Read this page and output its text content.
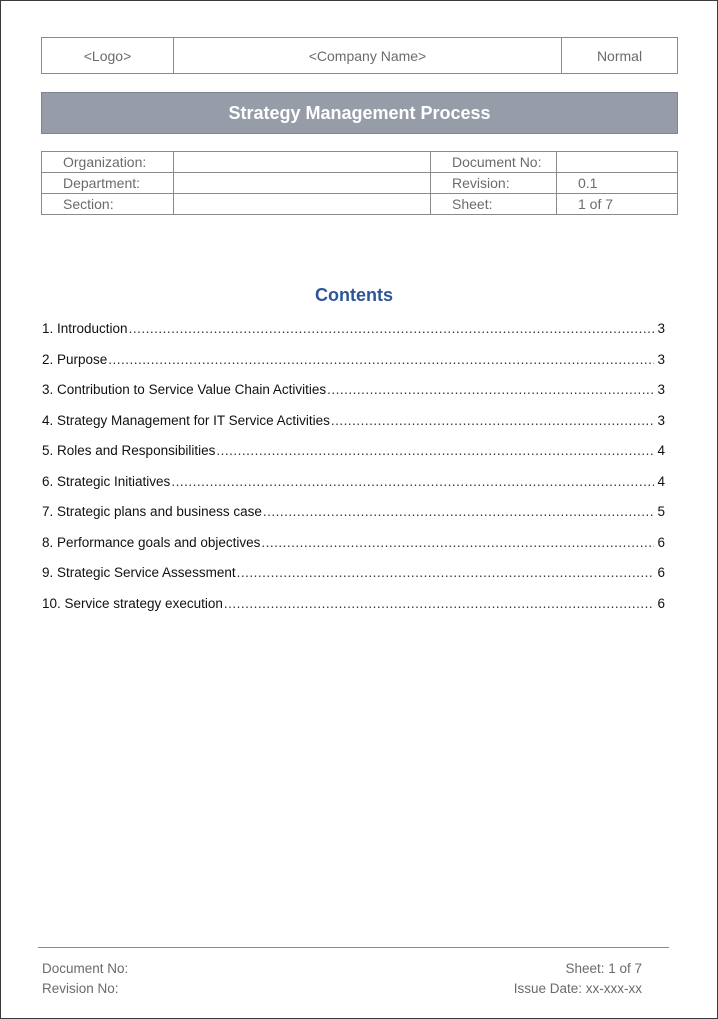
<Logo>	<Company Name>	Normal
Strategy Management Process
Organization:		Document No:	
Department:		Revision:	0.1
Section:		Sheet:	1 of 7
Contents
1. Introduction .....	3
2. Purpose .....	3
3. Contribution to Service Value Chain Activities .....	3
4. Strategy Management for IT Service Activities .....	3
5. Roles and Responsibilities .....	4
6. Strategic Initiatives .....	4
7. Strategic plans and business case .....	5
8. Performance goals and objectives .....	6
9. Strategic Service Assessment .....	6
10. Service strategy execution .....	6
Document No:	Sheet: 1 of 7
Revision No:	Issue Date: xx-xxx-xx
